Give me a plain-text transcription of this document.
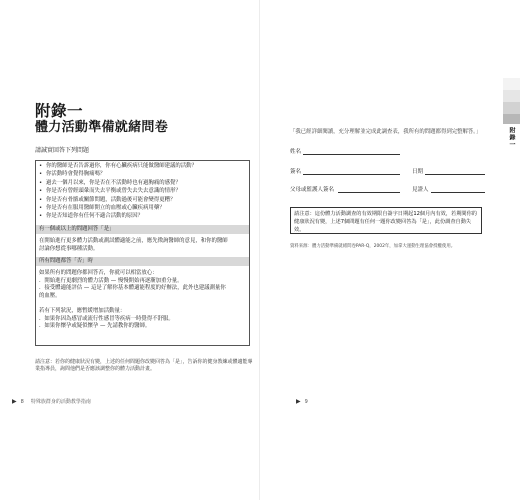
附錄一
體力活動準備就緒問卷
請誠實回答下列問題
• 你的醫師是否告訴過你，你有心臟疾病只能做醫師建議的活動？
• 你活動時會覺得胸痛嗎？
• 過去一個月以來，你是否在不活動時也有過胸痛的感覺？
• 你是否有曾經頭暈而失去平衡或曾失去失去意識的情形？
• 你是否有骨骼或關節問題，活動過後可能會變得更糟？
• 你是否有在服用醫師開立的血壓或心臟疾病用藥？
• 你是否知道你有任何不適合活動的原因？
有一個或以上的問題回答「是」
在開始進行更多體力活動或測試體適能之前，應先徵詢醫師的意見，和你的醫師
討論你想從事哪種活動。
所有問題都答「否」時
如果所有的問題你都回答否，你就可以相當放心：
．開始進行更劇烈的體力活動 — 慢慢開始再逐漸加重分量。
．接受體適能評估 — 這是了解你基本體適能程度的好辦法，此外也建議測量你
的血壓。
若有下列狀況，應暫緩增加活動量：
．如果你因為感冒或流行性感冒等疾病一時覺得不舒服。
．如果你懷孕或疑似懷孕 — 先請教你的醫師。
請注意：若你的健康狀況有變，上述的任何問題你改變回答為「是」，告訴你的健身教練或體適能專業指導員，詢問他們是否應該調整你的體力活動計畫。
▶ 8 特殊族群身的活動教學指南
「我已經詳細閱讀，充分理解並完成此調查表，我所有的問題都得到完整解答。」
姓名
簽名	日期
父母或監護人簽名	見證人
請注意：這份體力活動調查的有效期限自簽字日期起12個月內有效，若期間你的健康狀況有變，上述7個問題有任何一題你改變回答為「是」，此份調查自動失效。
資料來源：體力活動準備就緒問卷PAR-Q，2002年，加拿大運動生理協會授權使用。
▶ 9
附錄一
